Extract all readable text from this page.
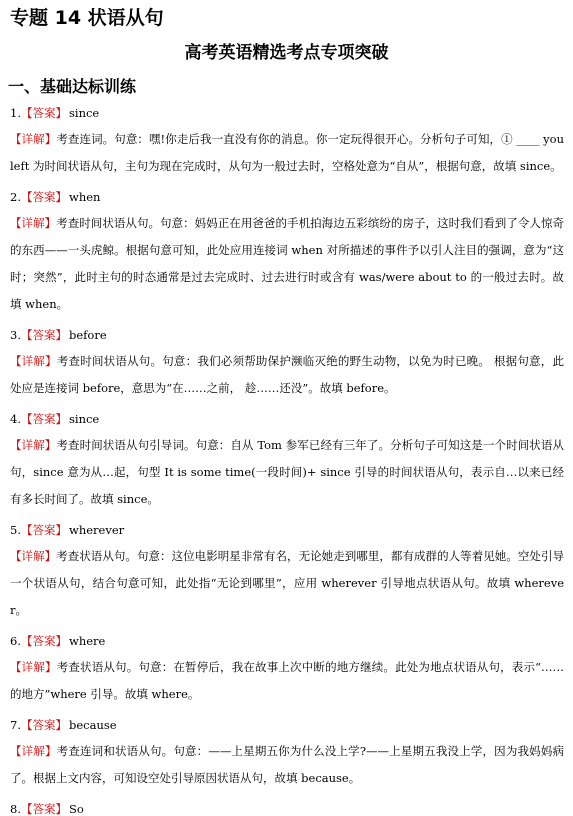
专题 14 状语从句
高考英语精选考点专项突破
一、基础达标训练
1.【答案】 since
【详解】考查连词。句意：嘿!你走后我一直没有你的消息。你一定玩得很开心。分析句子可知，① ____ you left 为时间状语从句，主句为现在完成时，从句为一般过去时，空格处意为“自从”，根据句意，故填 since。
2.【答案】 when
【详解】考查时间状语从句。句意：妈妈正在用爸爸的手机拍海边五彩缤纷的房子，这时我们看到了令人惊奇的东西——一头虎鲸。根据句意可知，此处应用连接词 when 对所描述的事件予以引人注目的强调，意为“这时；突然”，此时主句的时态通常是过去完成时、过去进行时或含有 was/were about to 的一般过去时。故填 when。
3.【答案】 before
【详解】考查时间状语从句。句意：我们必须帮助保护濒临灭绝的野生动物，以免为时已晚。 根据句意，此处应是连接词 before，意思为“在……之前， 趁……还没”。故填 before。
4.【答案】 since
【详解】考查时间状语从句引导词。句意：自从 Tom 参军已经有三年了。分析句子可知这是一个时间状语从句，since 意为从…起，句型 It is some time(一段时间)+ since 引导的时间状语从句，表示自…以来已经有多长时间了。故填 since。
5.【答案】 wherever
【详解】考查状语从句。句意：这位电影明星非常有名，无论她走到哪里，都有成群的人等着见她。空处引导一个状语从句，结合句意可知，此处指“无论到哪里”，应用 wherever 引导地点状语从句。故填 wherever。
6.【答案】 where
【详解】考查状语从句。句意：在暂停后，我在故事上次中断的地方继续。此处为地点状语从句，表示“……的地方”where 引导。故填 where。
7.【答案】 because
【详解】考查连词和状语从句。句意：——上星期五你为什么没上学?——上星期五我没上学，因为我妈妈病了。根据上文内容，可知设空处引导原因状语从句，故填 because。
8.【答案】 So
